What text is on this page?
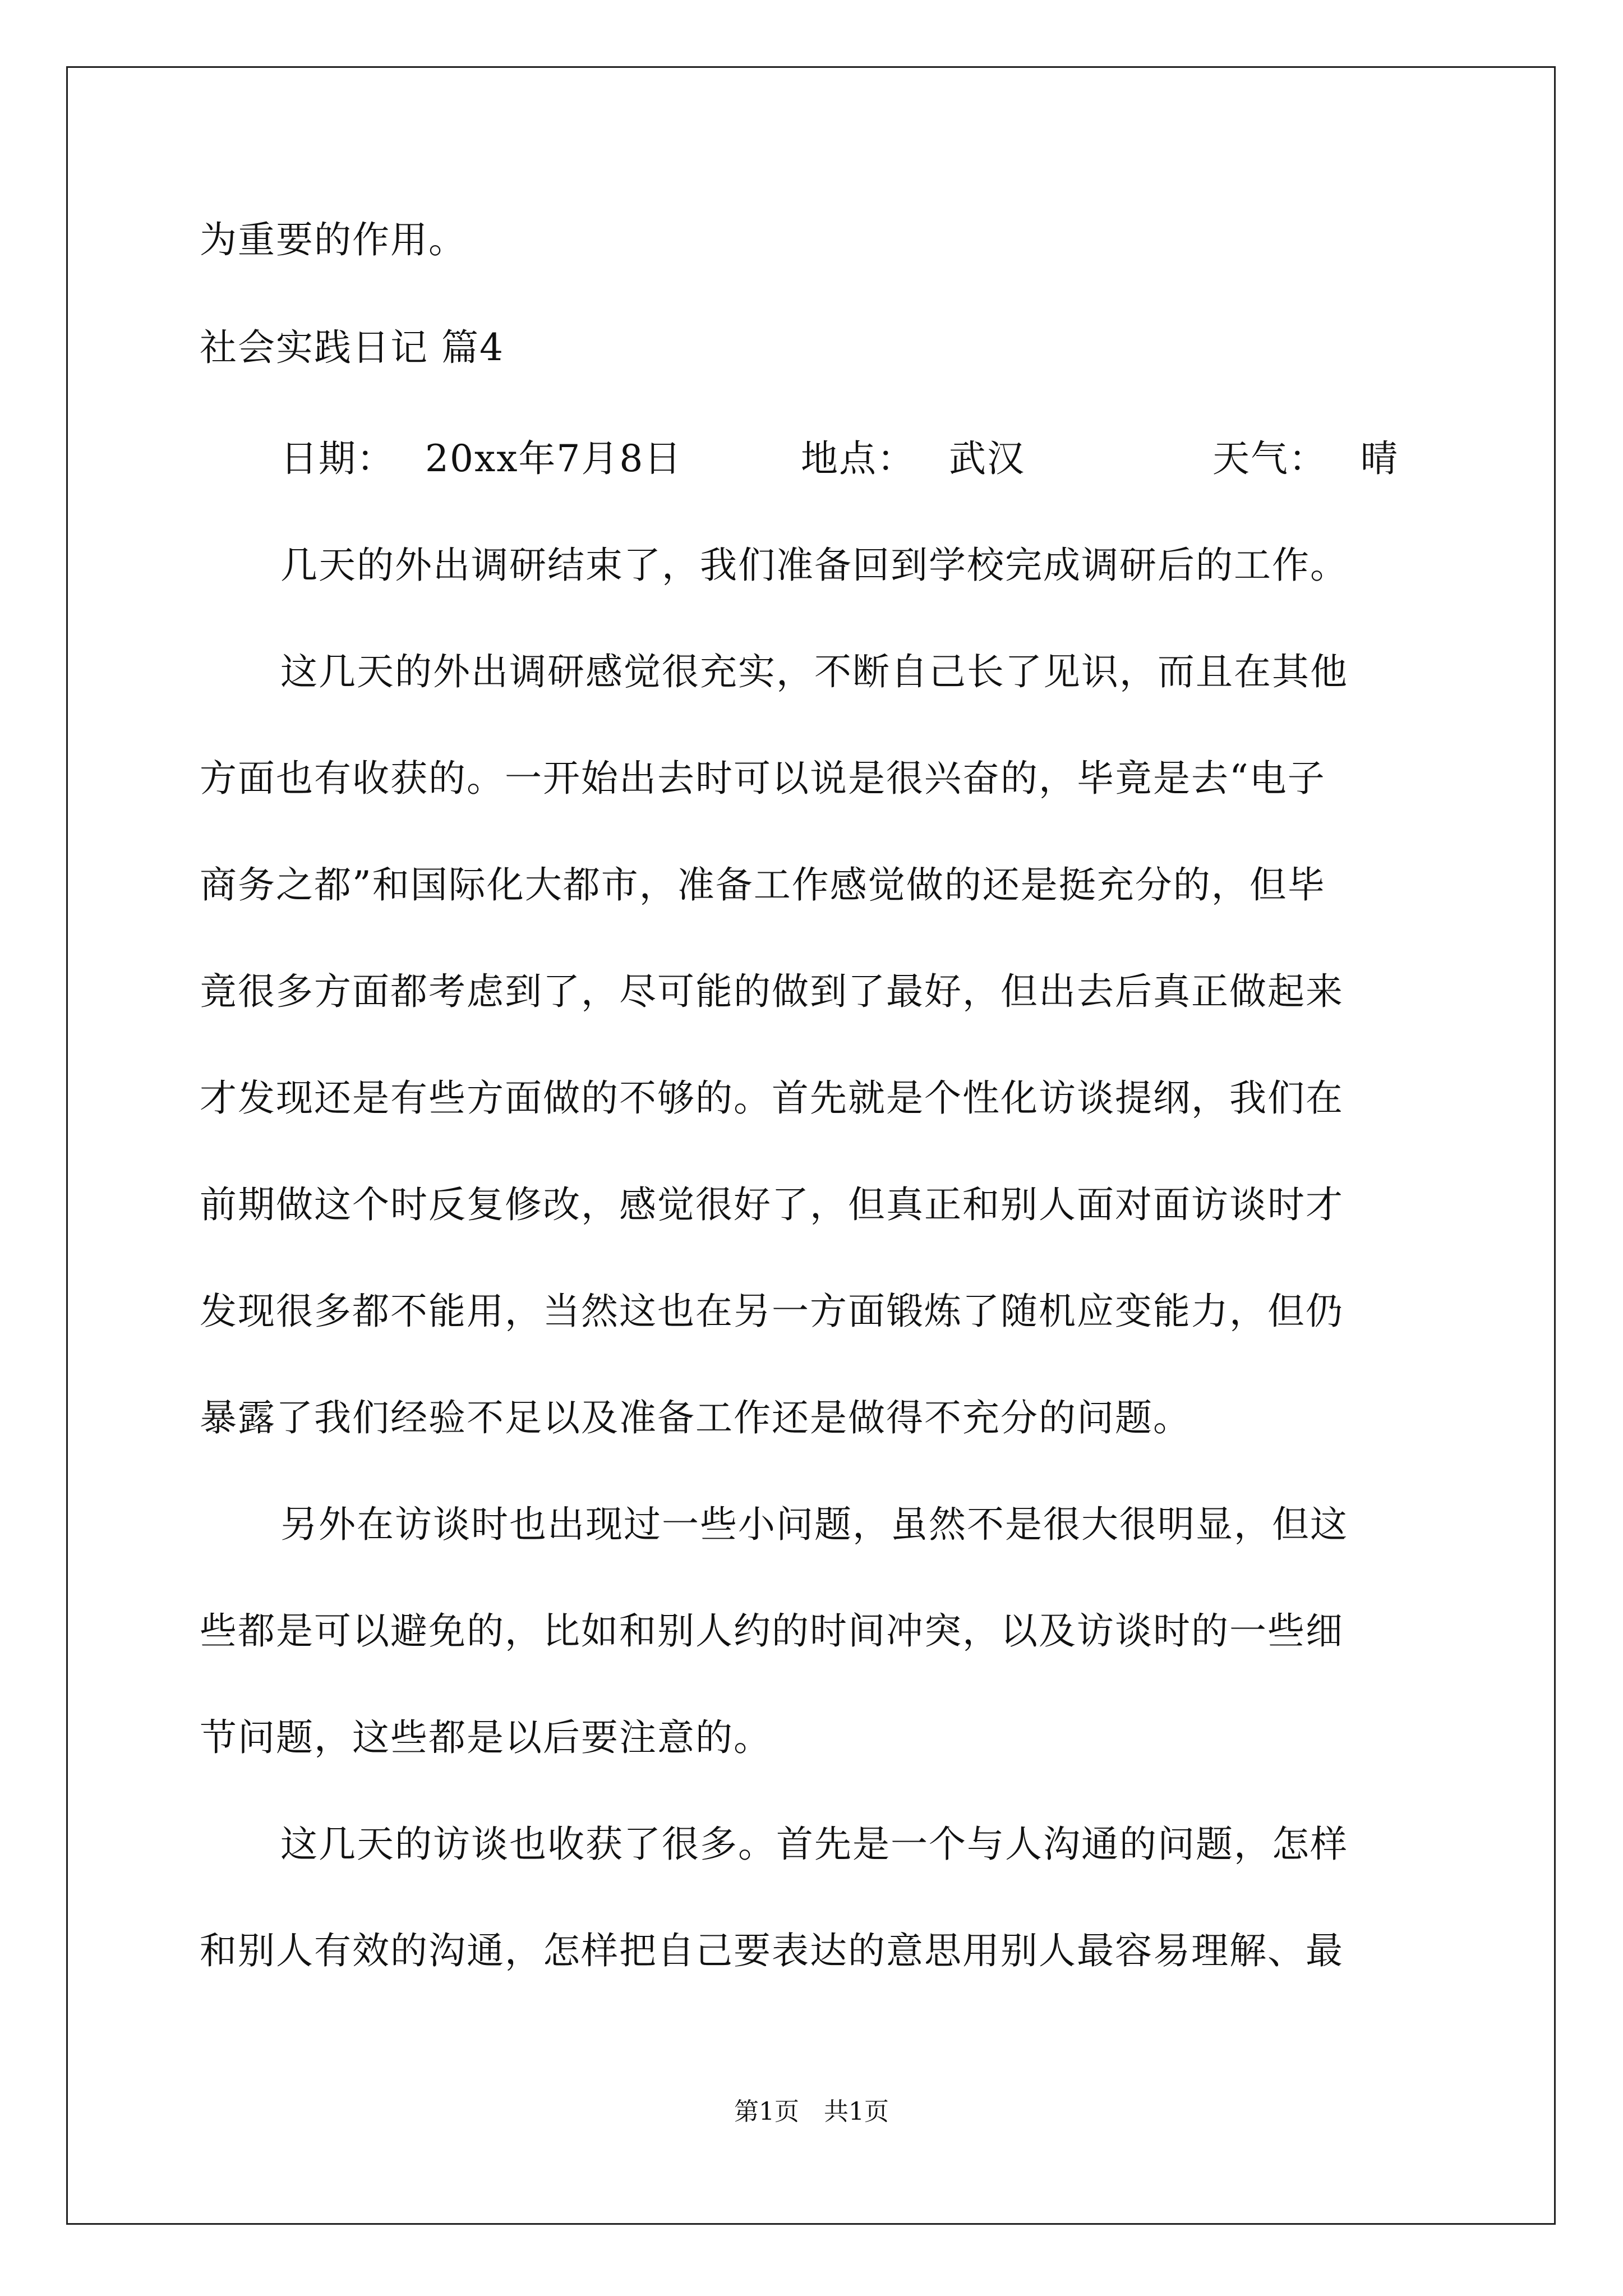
为重要的作用。

社会实践日记 篇4

日期： 20xx年7月8日	地点： 武汉	天气： 晴

几天的外出调研结束了，我们准备回到学校完成调研后的工作。

这几天的外出调研感觉很充实，不断自己长了见识，而且在其他

方面也有收获的。一开始出去时可以说是很兴奋的，毕竟是去“电子

商务之都”和国际化大都市，准备工作感觉做的还是挺充分的，但毕

竟很多方面都考虑到了，尽可能的做到了最好，但出去后真正做起来

才发现还是有些方面做的不够的。首先就是个性化访谈提纲，我们在

前期做这个时反复修改，感觉很好了，但真正和别人面对面访谈时才

发现很多都不能用，当然这也在另一方面锻炼了随机应变能力，但仍

暴露了我们经验不足以及准备工作还是做得不充分的问题。

另外在访谈时也出现过一些小问题，虽然不是很大很明显，但这

些都是可以避免的，比如和别人约的时间冲突，以及访谈时的一些细

节问题，这些都是以后要注意的。

这几天的访谈也收获了很多。首先是一个与人沟通的问题，怎样

和别人有效的沟通，怎样把自己要表达的意思用别人最容易理解、最

第1页 共1页
